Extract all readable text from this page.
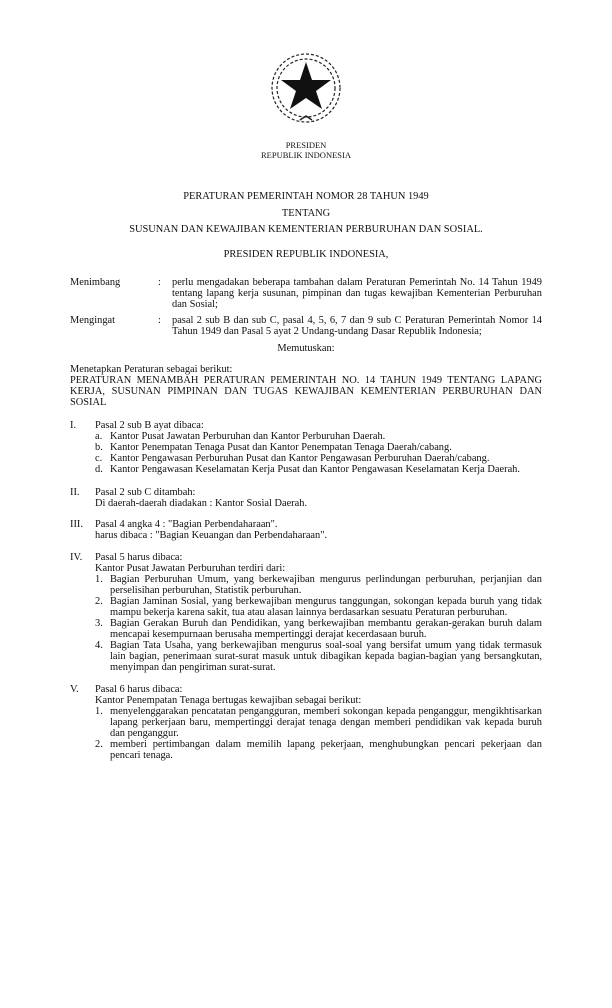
PRESIDEN
REPUBLIK INDONESIA
PERATURAN PEMERINTAH NOMOR 28 TAHUN 1949
TENTANG
SUSUNAN DAN KEWAJIBAN KEMENTERIAN PERBURUHAN DAN SOSIAL.
PRESIDEN REPUBLIK INDONESIA,
Menimbang	:	perlu mengadakan beberapa tambahan dalam Peraturan Pemerintah No. 14 Tahun 1949 tentang lapang kerja susunan, pimpinan dan tugas kewajiban Kementerian Perburuhan dan Sosial;
Mengingat	:	pasal 2 sub B dan sub C, pasal 4, 5, 6, 7 dan 9 sub C Peraturan Pemerintah Nomor 14 Tahun 1949 dan Pasal 5 ayat 2 Undang-undang Dasar Republik Indonesia;
Memutuskan:
Menetapkan Peraturan sebagai berikut:
PERATURAN MENAMBAH PERATURAN PEMERINTAH NO. 14 TAHUN 1949 TENTANG LAPANG KERJA, SUSUNAN PIMPINAN DAN TUGAS KEWAJIBAN KEMENTERIAN PERBURUHAN DAN SOSIAL
I.	Pasal 2 sub B ayat dibaca:
a. Kantor Pusat Jawatan Perburuhan dan Kantor Perburuhan Daerah.
b. Kantor Penempatan Tenaga Pusat dan Kantor Penempatan Tenaga Daerah/cabang.
c. Kantor Pengawasan Perburuhan Pusat dan Kantor Pengawasan Perburuhan Daerah/cabang.
d. Kantor Pengawasan Keselamatan Kerja Pusat dan Kantor Pengawasan Keselamatan Kerja Daerah.
II.	Pasal 2 sub C ditambah:
Di daerah-daerah diadakan : Kantor Sosial Daerah.
III.	Pasal 4 angka 4 : "Bagian Perbendaharaan".
harus dibaca : "Bagian Keuangan dan Perbendaharaan".
IV.	Pasal 5 harus dibaca:
Kantor Pusat Jawatan Perburuhan terdiri dari:
1. Bagian Perburuhan Umum, yang berkewajiban mengurus perlindungan perburuhan, perjanjian dan perselisihan perburuhan, Statistik perburuhan.
2. Bagian Jaminan Sosial, yang berkewajiban mengurus tanggungan, sokongan kepada buruh yang tidak mampu bekerja karena sakit, tua atau alasan lainnya berdasarkan sesuatu Peraturan perburuhan.
3. Bagian Gerakan Buruh dan Pendidikan, yang berkewajiban membantu gerakan-gerakan buruh dalam mencapai kesempurnaan berusaha mempertinggi derajat kecerdasaan buruh.
4. Bagian Tata Usaha, yang berkewajiban mengurus soal-soal yang bersifat umum yang tidak termasuk lain bagian, penerimaan surat-surat masuk untuk dibagikan kepada bagian-bagian yang bersangkutan, menyimpan dan pengiriman surat-surat.
V.	Pasal 6 harus dibaca:
Kantor Penempatan Tenaga bertugas kewajiban sebagai berikut:
1. menyelenggarakan pencatatan pengangguran, memberi sokongan kepada penganggur, mengikhtisarkan lapang perkerjaan baru, mempertinggi derajat tenaga dengan memberi pendidikan vak kepada buruh dan penganggur.
2. memberi pertimbangan dalam memilih lapang pekerjaan, menghubungkan pencari pekerjaan dan pencari tenaga.
